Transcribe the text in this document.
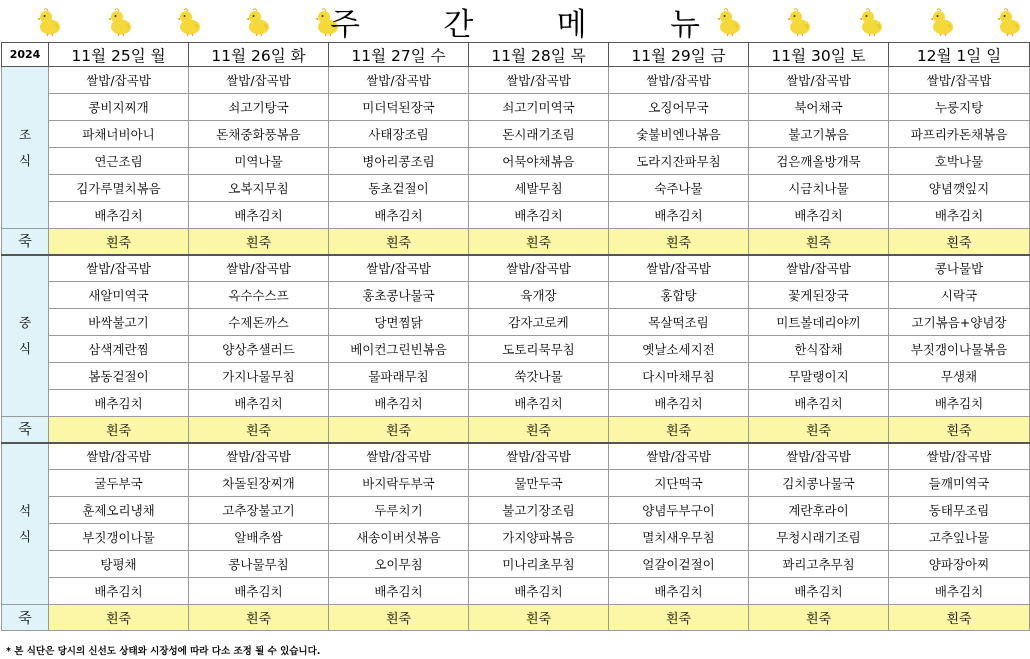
주	간	메	뉴
2024	11월 25일 월	11월 26일 화	11월 27일 수	11월 28일 목	11월 29일 금	11월 30일 토	12월 1일 일

조
식	쌀밥/잡곡밥	쌀밥/잡곡밥	쌀밥/잡곡밥	쌀밥/잡곡밥	쌀밥/잡곡밥	쌀밥/잡곡밥	쌀밥/잡곡밥
	콩비지찌개	쇠고기탕국	미더덕된장국	쇠고기미역국	오징어무국	북어채국	누룽지탕
	파채너비아니	돈채중화풍볶음	사태장조림	돈시래기조림	숯불비엔나볶음	불고기볶음	파프리카돈채볶음
	연근조림	미역나물	병아리콩조림	어묵야채볶음	도라지잔파무침	검은깨올방개묵	호박나물
	김가루멸치볶음	오복지무침	동초겉절이	세발무침	숙주나물	시금치나물	양념깻잎지
	배추김치	배추김치	배추김치	배추김치	배추김치	배추김치	배추김치
죽	흰죽	흰죽	흰죽	흰죽	흰죽	흰죽	흰죽

중
식	쌀밥/잡곡밥	쌀밥/잡곡밥	쌀밥/잡곡밥	쌀밥/잡곡밥	쌀밥/잡곡밥	쌀밥/잡곡밥	콩나물밥
	새알미역국	옥수수스프	홍초콩나물국	육개장	홍합탕	꽃게된장국	시락국
	바싹불고기	수제돈까스	당면찜닭	감자고로케	목살떡조림	미트볼데리야끼	고기볶음+양념장
	삼색계란찜	양상추샐러드	베이컨그린빈볶음	도토리묵무침	옛날소세지전	한식잡채	부짓갱이나물볶음
	봄동겉절이	가지나물무침	물파래무침	쑥갓나물	다시마채무침	무말랭이지	무생채
	배추김치	배추김치	배추김치	배추김치	배추김치	배추김치	배추김치
죽	흰죽	흰죽	흰죽	흰죽	흰죽	흰죽	흰죽

석
식	쌀밥/잡곡밥	쌀밥/잡곡밥	쌀밥/잡곡밥	쌀밥/잡곡밥	쌀밥/잡곡밥	쌀밥/잡곡밥	쌀밥/잡곡밥
	굴두부국	차돌된장찌개	바지락두부국	물만두국	지단떡국	김치콩나물국	들깨미역국
	훈제오리냉채	고추장불고기	두루치기	불고기장조림	양념두부구이	계란후라이	동태무조림
	부짓갱이나물	알배추쌈	새송이버섯볶음	가지양파볶음	멸치새우무침	무청시래기조림	고추잎나물
	탕평채	콩나물무침	오이무침	미나리초무침	얼갈이겉절이	꽈리고추무침	양파장아찌
	배추김치	배추김치	배추김치	배추김치	배추김치	배추김치	배추김치
죽	흰죽	흰죽	흰죽	흰죽	흰죽	흰죽	흰죽
* 본 식단은 당시의 신선도 상태와 시장성에 따라 다소 조정 될 수 있습니다.
